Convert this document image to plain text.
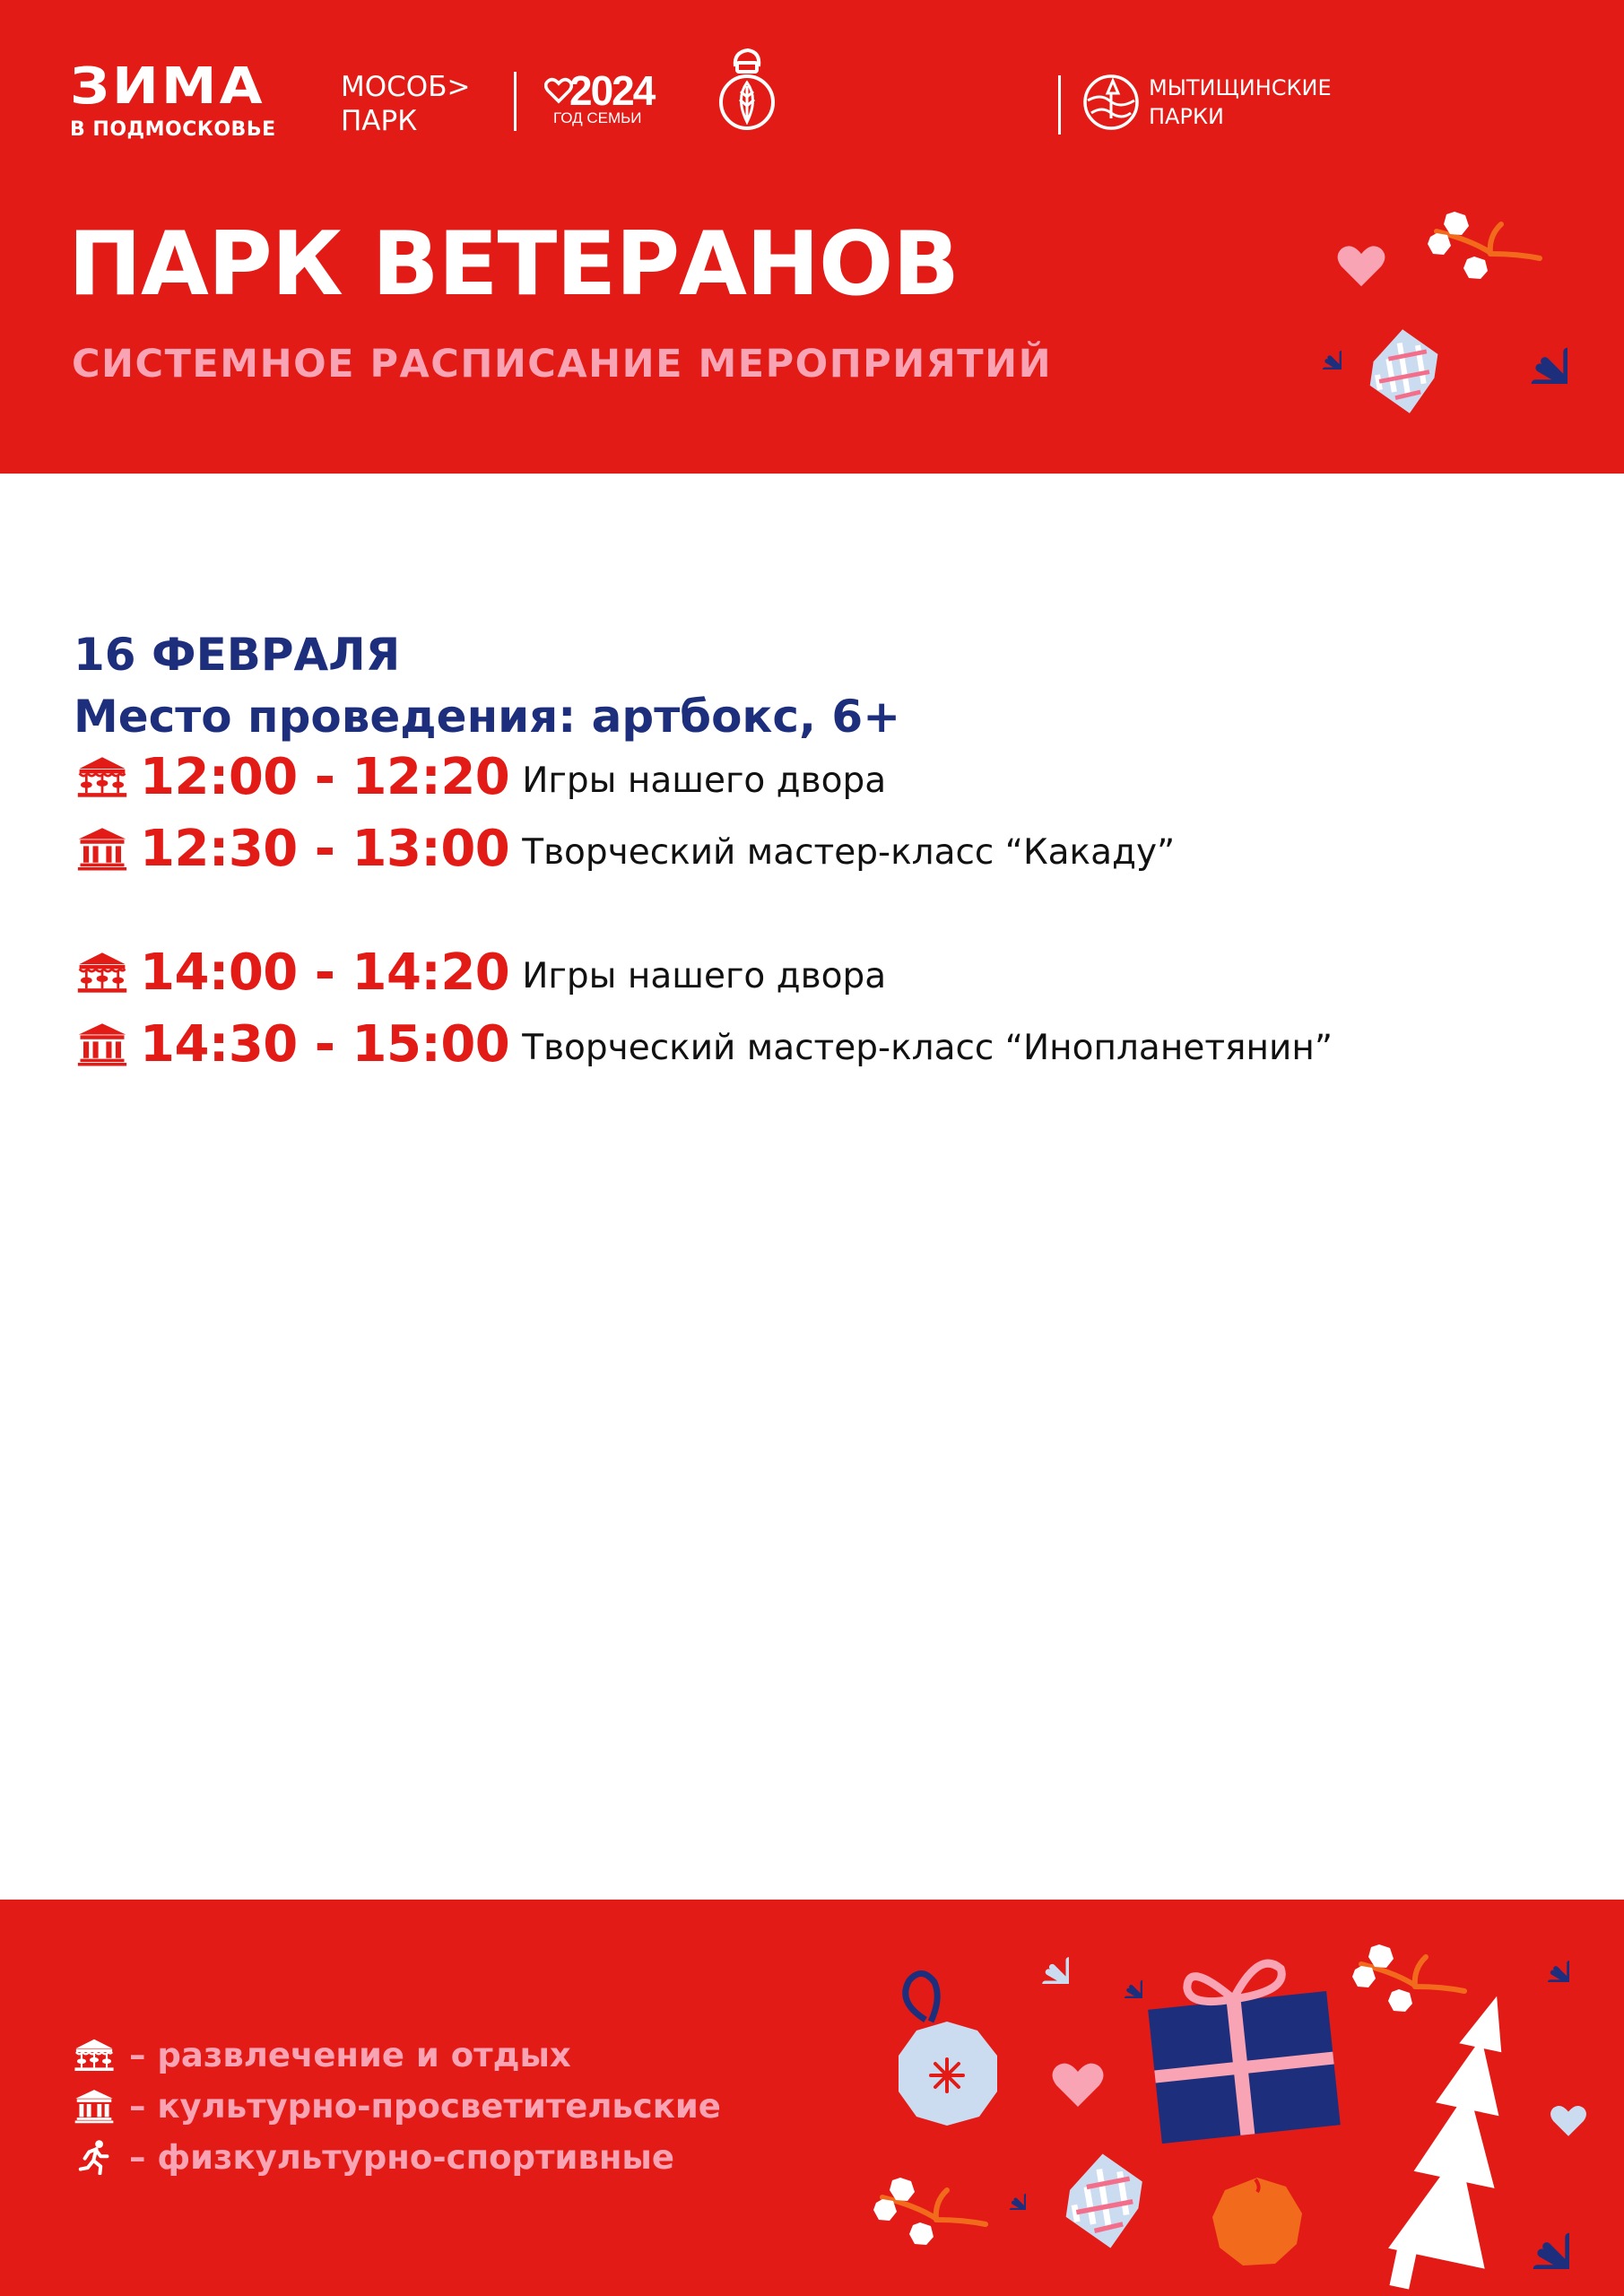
ЗИМА
В ПОДМОСКОВЬЕ
МОСОБ>
ПАРК
2024
ГОД СЕМЬИ
МЫТИЩИНСКИЕ
ПАРКИ
ПАРК ВЕТЕРАНОВ
СИСТЕМНОЕ РАСПИСАНИЕ МЕРОПРИЯТИЙ
16 ФЕВРАЛЯ
Место проведения: артбокс, 6+
12:00 - 12:20 Игры нашего двора
12:30 - 13:00 Творческий мастер-класс “Какаду”
14:00 - 14:20 Игры нашего двора
14:30 - 15:00 Творческий мастер-класс “Инопланетянин”
– развлечение и отдых
– культурно-просветительские
– физкультурно-спортивные
